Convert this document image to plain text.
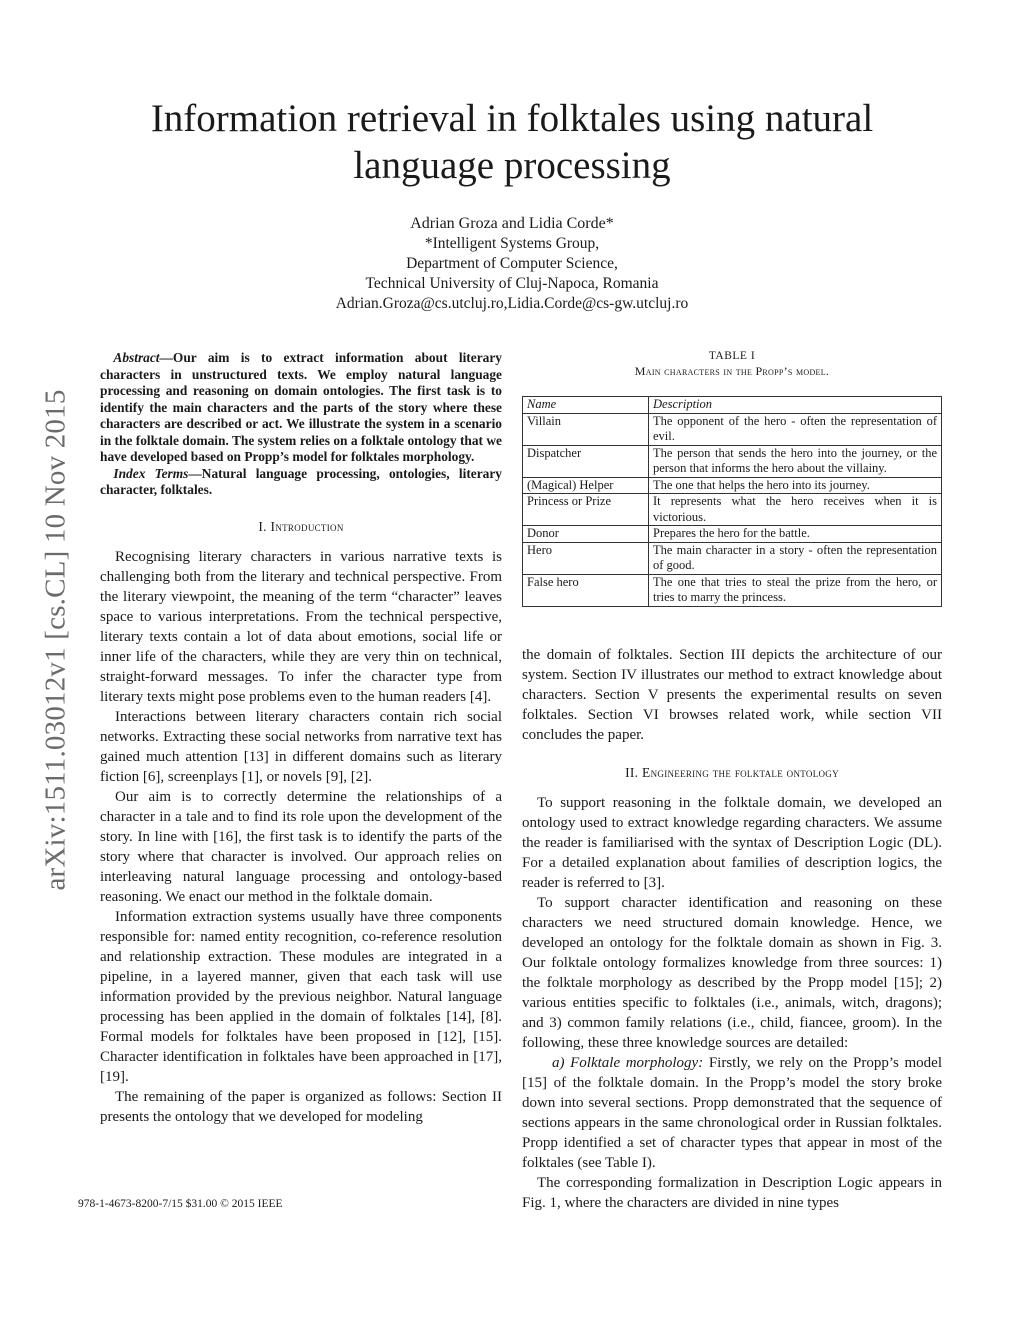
arXiv:1511.03012v1 [cs.CL] 10 Nov 2015
Information retrieval in folktales using natural language processing
Adrian Groza and Lidia Corde*
*Intelligent Systems Group,
Department of Computer Science,
Technical University of Cluj-Napoca, Romania
Adrian.Groza@cs.utcluj.ro,Lidia.Corde@cs-gw.utcluj.ro

Abstract—Our aim is to extract information about literary characters in unstructured texts. We employ natural language processing and reasoning on domain ontologies. The first task is to identify the main characters and the parts of the story where these characters are described or act. We illustrate the system in a scenario in the folktale domain. The system relies on a folktale ontology that we have developed based on Propp’s model for folktales morphology.

Index Terms—Natural language processing, ontologies, literary character, folktales.

I. Introduction

Recognising literary characters in various narrative texts is challenging both from the literary and technical perspective. From the literary viewpoint, the meaning of the term “character” leaves space to various interpretations. From the technical perspective, literary texts contain a lot of data about emotions, social life or inner life of the characters, while they are very thin on technical, straight-forward messages. To infer the character type from literary texts might pose problems even to the human readers [4].

Interactions between literary characters contain rich social networks. Extracting these social networks from narrative text has gained much attention [13] in different domains such as literary fiction [6], screenplays [1], or novels [9], [2].

Our aim is to correctly determine the relationships of a character in a tale and to find its role upon the development of the story. In line with [16], the first task is to identify the parts of the story where that character is involved. Our approach relies on interleaving natural language processing and ontology-based reasoning. We enact our method in the folktale domain.

Information extraction systems usually have three components responsible for: named entity recognition, co-reference resolution and relationship extraction. These modules are integrated in a pipeline, in a layered manner, given that each task will use information provided by the previous neighbor. Natural language processing has been applied in the domain of folktales [14], [8]. Formal models for folktales have been proposed in [12], [15]. Character identification in folktales have been approached in [17], [19].

The remaining of the paper is organized as follows: Section II presents the ontology that we developed for modeling

978-1-4673-8200-7/15 $31.00 © 2015 IEEE
TABLE I
Main characters in the Propp’s model.
Name	Description
Villain	The opponent of the hero - often the representation of evil.
Dispatcher	The person that sends the hero into the journey, or the person that informs the hero about the villainy.
(Magical) Helper	The one that helps the hero into its journey.
Princess or Prize	It represents what the hero receives when it is victorious.
Donor	Prepares the hero for the battle.
Hero	The main character in a story - often the representation of good.
False hero	The one that tries to steal the prize from the hero, or tries to marry the princess.

the domain of folktales. Section III depicts the architecture of our system. Section IV illustrates our method to extract knowledge about characters. Section V presents the experimental results on seven folktales. Section VI browses related work, while section VII concludes the paper.

II. Engineering the folktale ontology

To support reasoning in the folktale domain, we developed an ontology used to extract knowledge regarding characters. We assume the reader is familiarised with the syntax of Description Logic (DL). For a detailed explanation about families of description logics, the reader is referred to [3].

To support character identification and reasoning on these characters we need structured domain knowledge. Hence, we developed an ontology for the folktale domain as shown in Fig. 3. Our folktale ontology formalizes knowledge from three sources: 1) the folktale morphology as described by the Propp model [15]; 2) various entities specific to folktales (i.e., animals, witch, dragons); and 3) common family relations (i.e., child, fiancee, groom). In the following, these three knowledge sources are detailed:

a) Folktale morphology: Firstly, we rely on the Propp’s model [15] of the folktale domain. In the Propp’s model the story broke down into several sections. Propp demonstrated that the sequence of sections appears in the same chronological order in Russian folktales. Propp identified a set of character types that appear in most of the folktales (see Table I).

The corresponding formalization in Description Logic appears in Fig. 1, where the characters are divided in nine types
